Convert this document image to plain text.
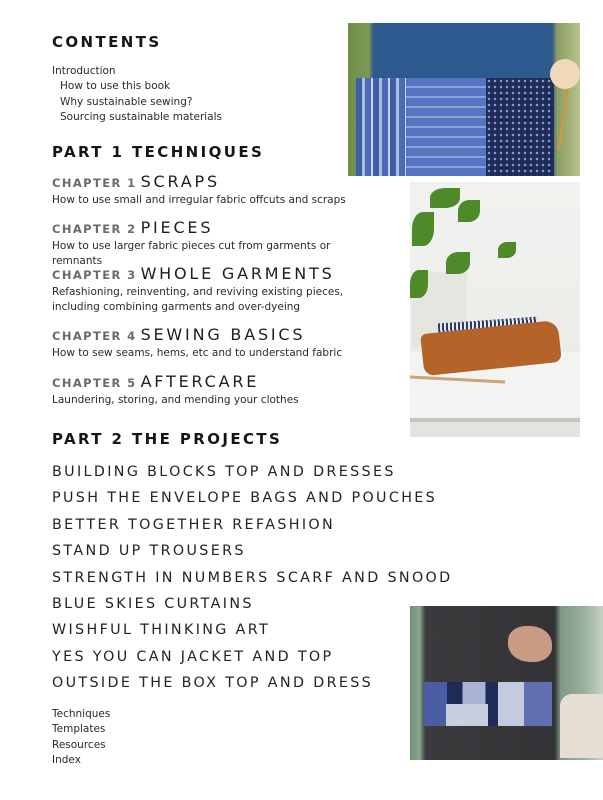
CONTENTS
Introduction
How to use this book
Why sustainable sewing?
Sourcing sustainable materials
PART 1 TECHNIQUES
CHAPTER 1 SCRAPS
How to use small and irregular fabric offcuts and scraps
CHAPTER 2 PIECES
How to use larger fabric pieces cut from garments or remnants
CHAPTER 3 WHOLE GARMENTS
Refashioning, reinventing, and reviving existing pieces, including combining garments and over-dyeing
CHAPTER 4 SEWING BASICS
How to sew seams, hems, etc and to understand fabric
CHAPTER 5 AFTERCARE
Laundering, storing, and mending your clothes
PART 2 THE PROJECTS
BUILDING BLOCKS TOP AND DRESSES
PUSH THE ENVELOPE BAGS AND POUCHES
BETTER TOGETHER REFASHION
STAND UP TROUSERS
STRENGTH IN NUMBERS SCARF AND SNOOD
BLUE SKIES CURTAINS
WISHFUL THINKING ART
YES YOU CAN JACKET AND TOP
OUTSIDE THE BOX TOP AND DRESS
Techniques
Templates
Resources
Index
